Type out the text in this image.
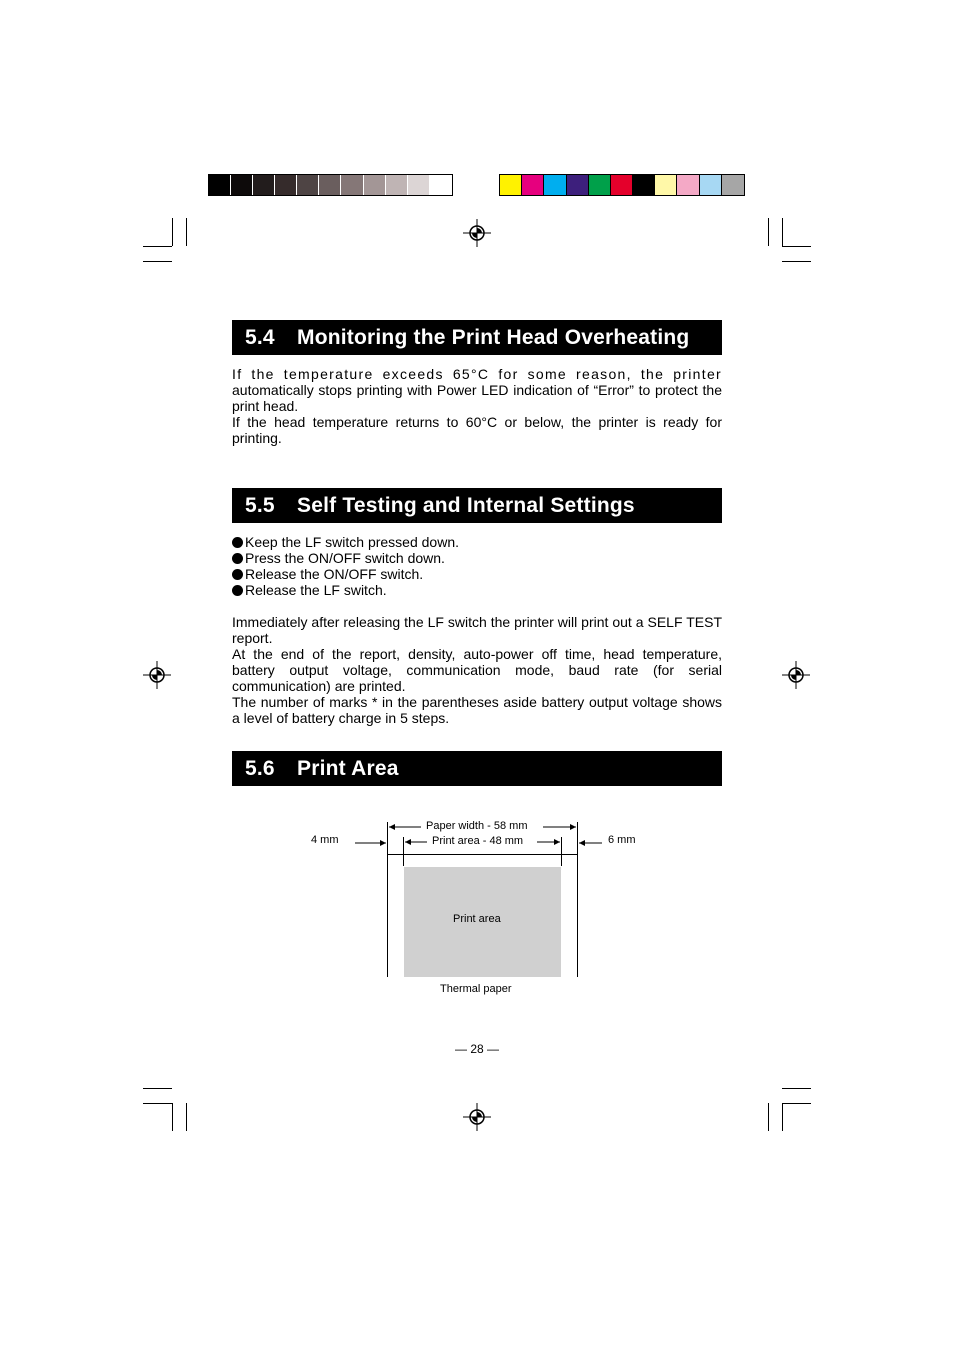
5.4 Monitoring the Print Head Overheating

If the temperature exceeds 65°C for some reason, the printer
automatically stops printing with Power LED indication of “Error” to protect the print head.

If the head temperature returns to 60°C or below, the printer is ready for printing.

5.5 Self Testing and Internal Settings
Keep the LF switch pressed down.
Press the ON/OFF switch down.
Release the ON/OFF switch.
Release the LF switch.

Immediately after releasing the LF switch the printer will print out a SELF TEST report.

At the end of the report, density, auto-power off time, head temperature, battery output voltage, communication mode, baud rate (for serial communication) are printed.

The number of marks * in the parentheses aside battery output voltage shows a level of battery charge in 5 steps.

5.6 Print Area
Paper width - 58 mm
Print area - 48 mm
4 mm	6 mm
Print area
Thermal paper
— 28 —
